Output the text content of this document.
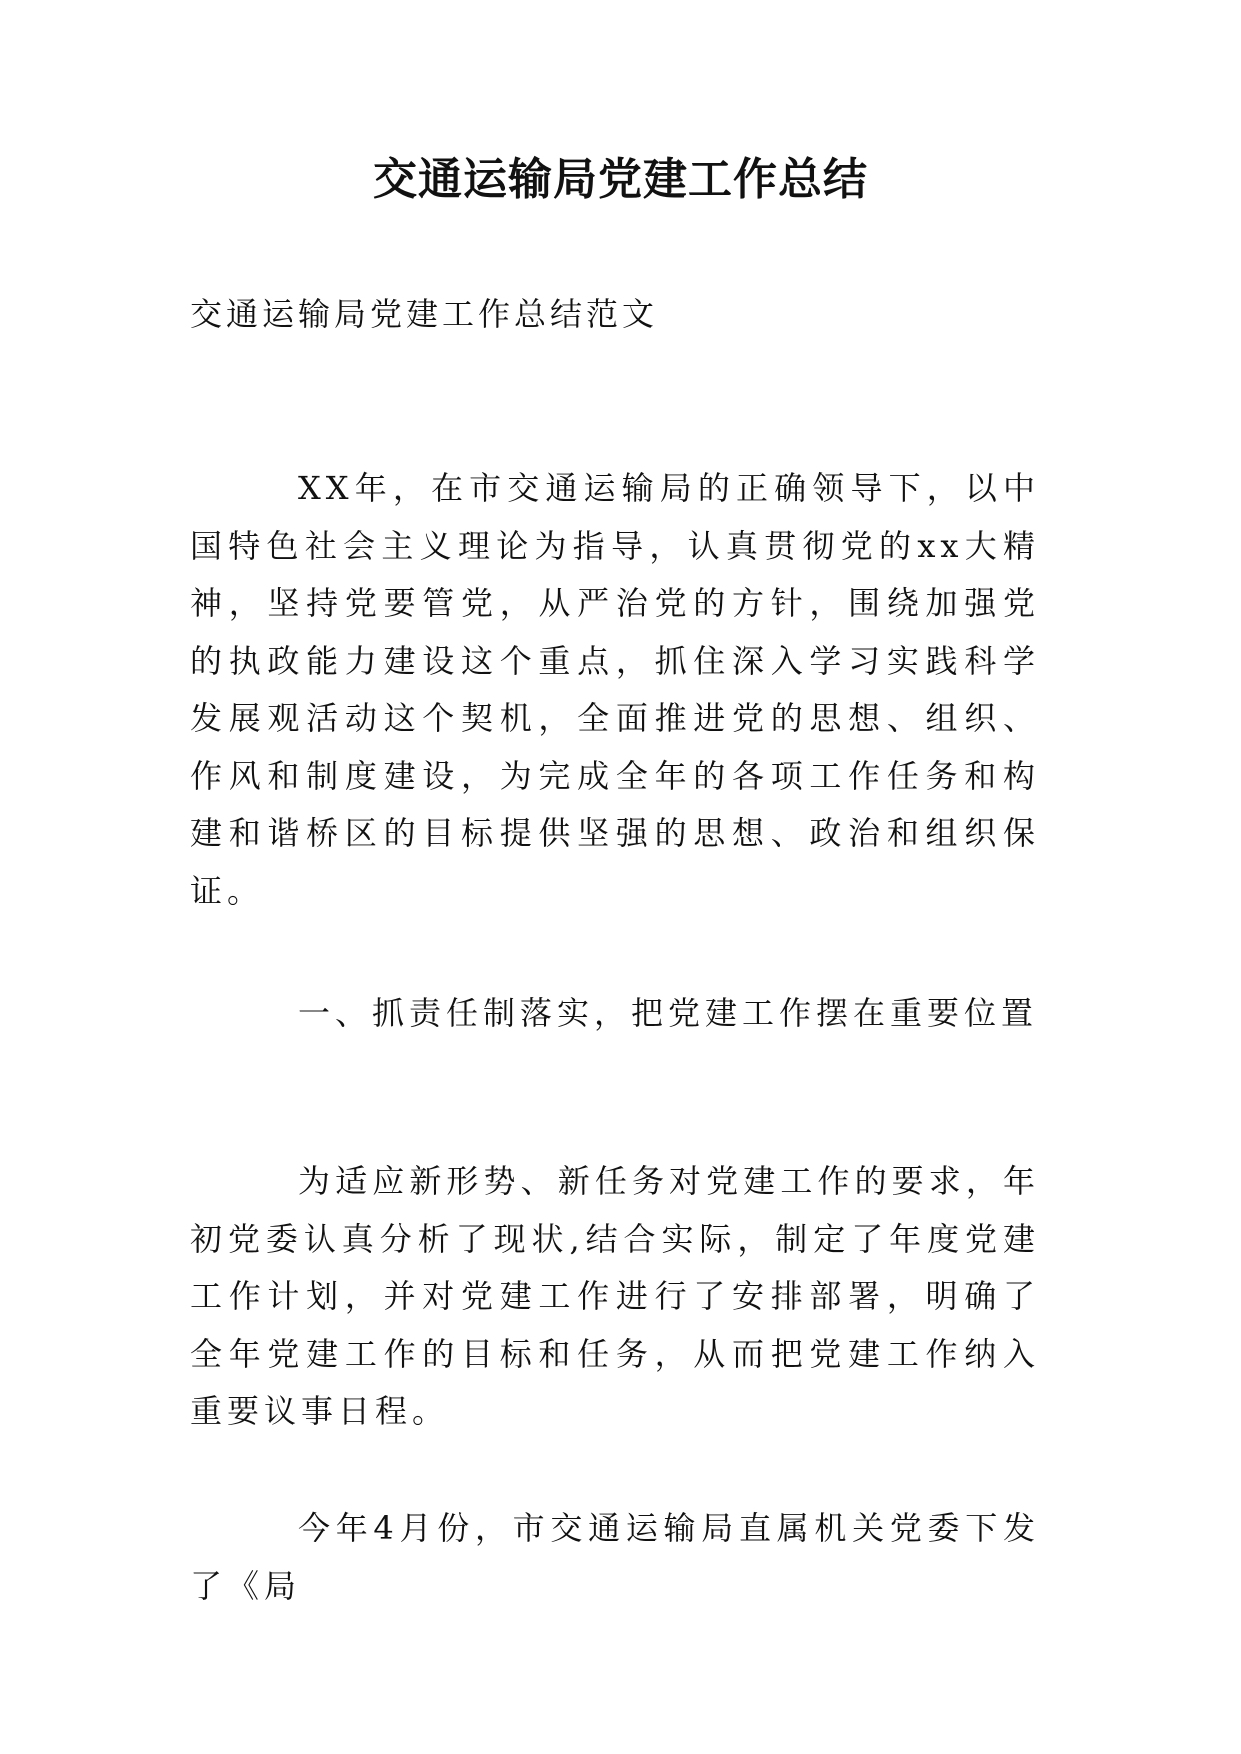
交通运输局党建工作总结

交通运输局党建工作总结范文

XX年，在市交通运输局的正确领导下，以中国特色社会主义理论为指导，认真贯彻党的xx大精神，坚持党要管党，从严治党的方针，围绕加强党的执政能力建设这个重点，抓住深入学习实践科学发展观活动这个契机，全面推进党的思想、组织、作风和制度建设，为完成全年的各项工作任务和构建和谐桥区的目标提供坚强的思想、政治和组织保证。

一、抓责任制落实，把党建工作摆在重要位置

为适应新形势、新任务对党建工作的要求，年初党委认真分析了现状,结合实际，制定了年度党建工作计划，并对党建工作进行了安排部署，明确了全年党建工作的目标和任务，从而把党建工作纳入重要议事日程。

今年4月份，市交通运输局直属机关党委下发了《局
